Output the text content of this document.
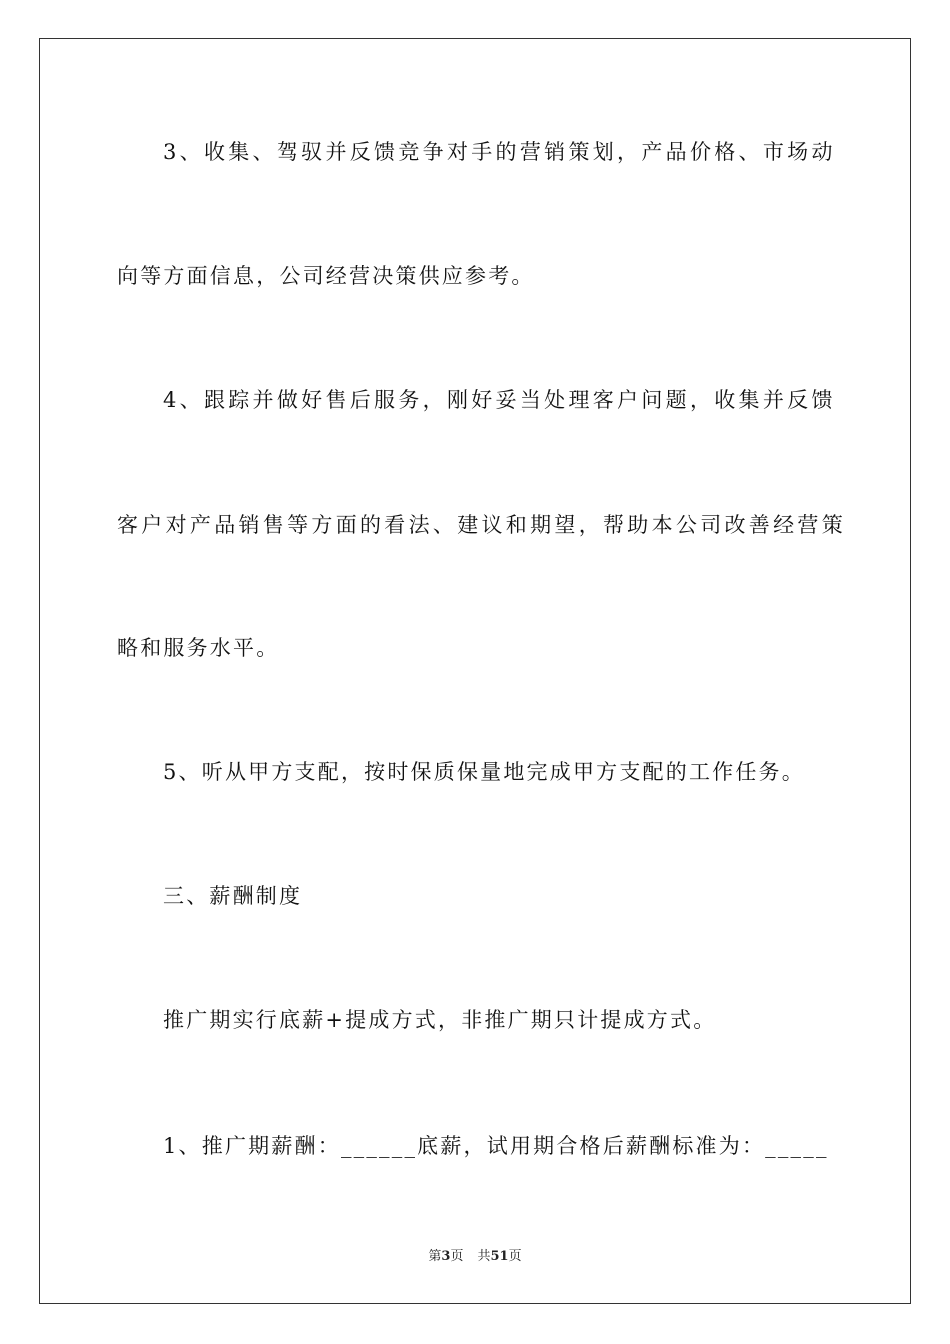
3、收集、驾驭并反馈竞争对手的营销策划，产品价格、市场动
向等方面信息，公司经营决策供应参考。
4、跟踪并做好售后服务，刚好妥当处理客户问题，收集并反馈
客户对产品销售等方面的看法、建议和期望，帮助本公司改善经营策
略和服务水平。
5、听从甲方支配，按时保质保量地完成甲方支配的工作任务。
三、薪酬制度
推广期实行底薪+提成方式，非推广期只计提成方式。
1、推广期薪酬：______底薪，试用期合格后薪酬标准为：_____
第3页 共51页
